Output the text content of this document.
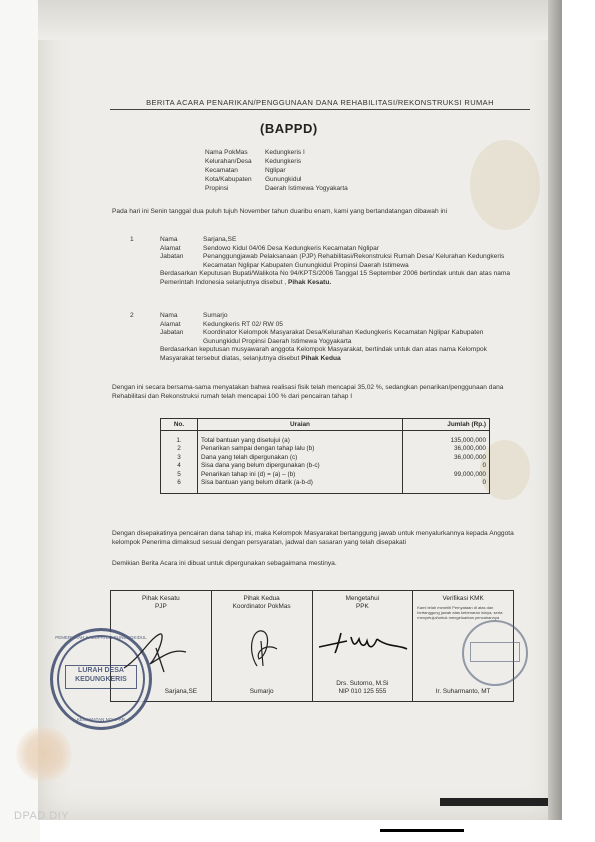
BERITA ACARA PENARIKAN/PENGGUNAAN DANA REHABILITASI/REKONSTRUKSI RUMAH
(BAPPD)
Nama PokMas	Kedungkeris I
Kelurahan/Desa	Kedungkeris
Kecamatan	Nglipar
Kota/Kabupaten	Gunungkidul
Propinsi	Daerah Istimewa Yogyakarta
Pada hari ini Senin tanggal dua puluh tujuh November tahun duaribu enam, kami yang bertandatangan dibawah ini
1	Nama	Sarjana,SE
Alamat	Sendowo Kidul 04/06 Desa Kedungkeris Kecamatan Nglipar
Jabatan	Penanggungjawab Pelaksanaan (PJP) Rehabilitasi/Rekonstruksi Rumah Desa/ Kelurahan Kedungkeris Kecamatan Nglipar Kabupaten Gunungkidul Propinsi Daerah Istimewa
Berdasarkan Keputusan Bupati/Walikota No 94/KPTS/2006 Tanggal 15 September 2006 bertindak untuk dan atas nama Pemerintah Indonesia selanjutnya disebut , Pihak Kesatu.
2	Nama	Sumarjo
Alamat	Kedungkeris RT 02/ RW 05
Jabatan	Koordinator Kelompok Masyarakat Desa/Kelurahan Kedungkeris Kecamatan Nglipar Kabupaten Gunungkidul Propinsi Daerah Istimewa Yogyakarta
Berdasarkan keputusan musyawarah anggota Kelompok Masyarakat, bertindak untuk dan atas nama Kelompok Masyarakat tersebut diatas, selanjutnya disebut Pihak Kedua
Dengan ini secara bersama-sama menyatakan bahwa realisasi fisik telah mencapai 35,02 %, sedangkan penarikan/penggunaan dana Rehabilitasi dan Rekonstruksi rumah telah mencapai 100 % dari pencairan tahap I
No.	Uraian	Jumlah (Rp.)
1.	Total bantuan yang disetujui (a)	135,000,000
2	Penarikan sampai dengan tahap lalu (b)	36,000,000
3	Dana yang telah dipergunakan (c)	36,000,000
4	Sisa dana yang belum dipergunakan (b-c)	0
5	Penarikan tahap ini (d) = (a) – (b)	99,000,000
6	Sisa bantuan yang belum ditarik (a-b-d)	0
Dengan disepakatinya pencairan dana tahap ini, maka Kelompok Masyarakat bertanggung jawab untuk menyalurkannya kepada Anggota kelompok Penerima dimaksud sesuai dengan persyaratan, jadwal dan sasaran yang telah disepakati
Demikian Berita Acara ini dibuat untuk dipergunakan sebagaimana mestinya.
Pihak Kesatu
PJP
Sarjana,SE
Pihak Kedua
Koordinator PokMas
Sumarjo
Mengetahui
PPK
Drs. Sutorno, M.Si
NIP 010 125 555
Verifikasi KMK
Kami telah meneliti Pernyataan di atas dan bertanggung jawab atas kebenaran isinya, serta menyetujui/untuk mengeluarkan pencairannya
Ir. Suharmanto, MT
PEMERINTAH KABUPATEN GUNUNGKIDUL
LURAH DESA
KEDUNGKERIS
KECAMATAN NGLIPAR
DPAD DIY
